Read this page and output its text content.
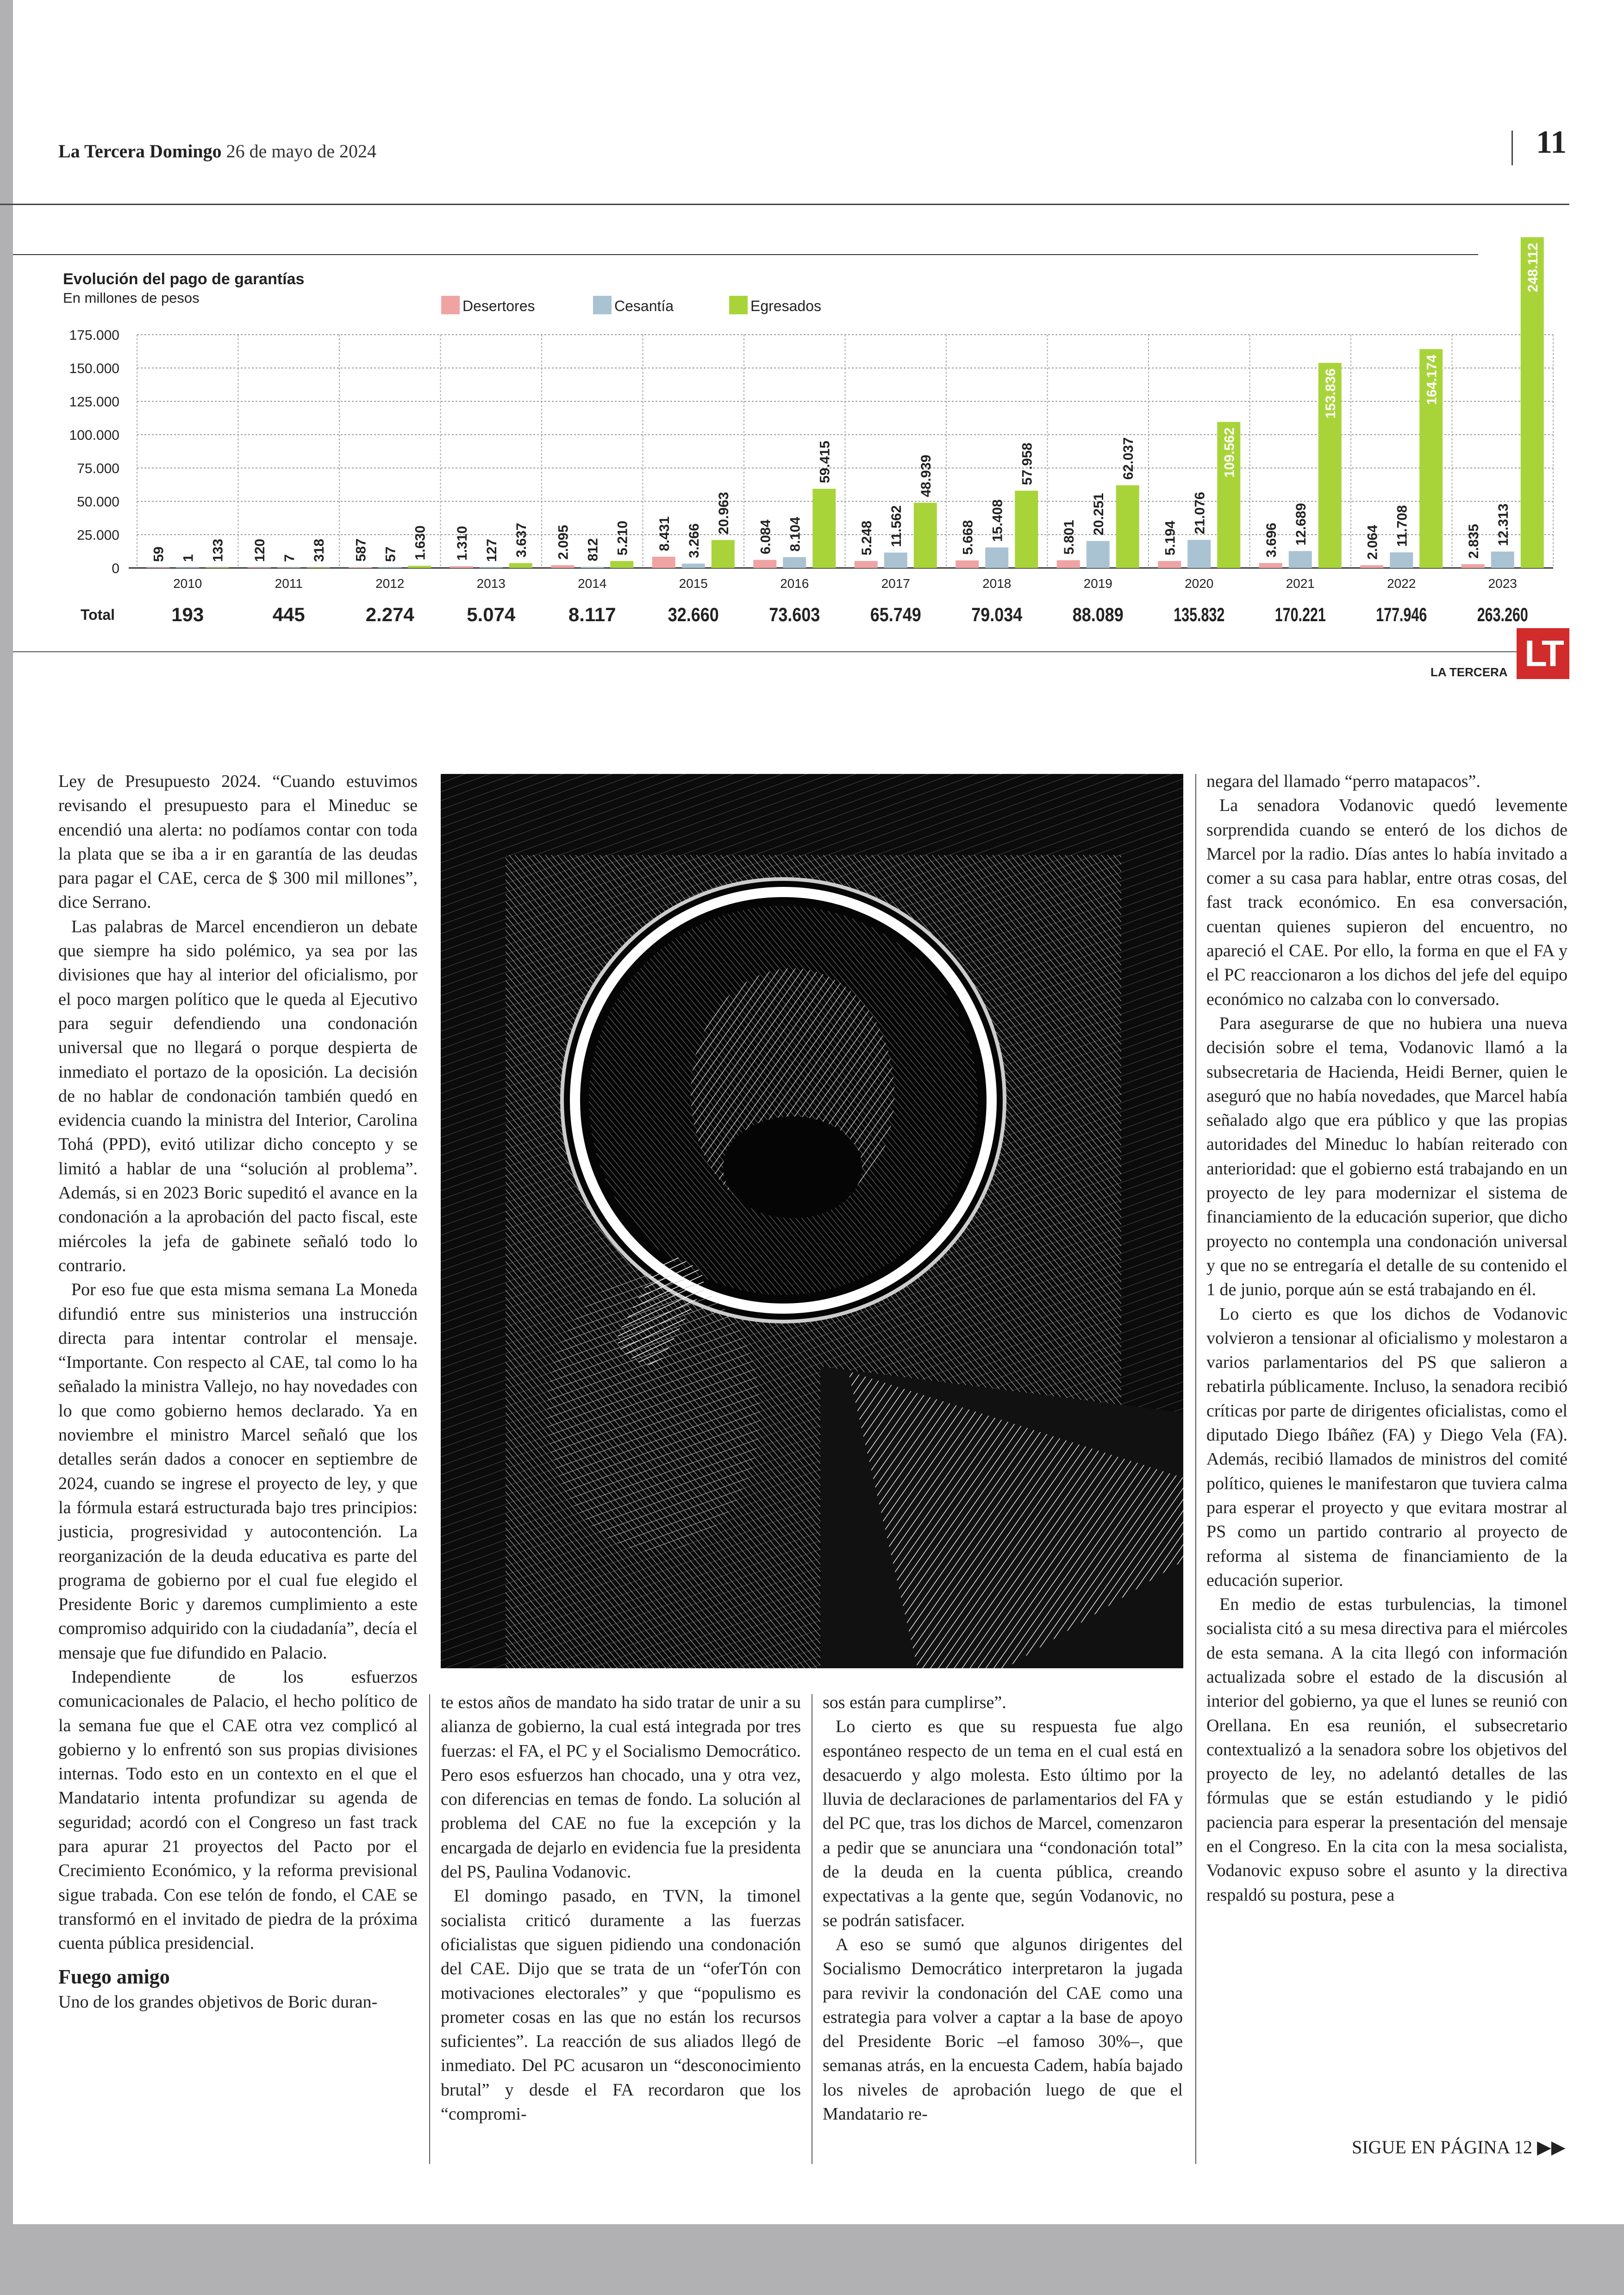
La Tercera Domingo 26 de mayo de 2024	11
Evolución del pago de garantías
En millones de pesos	Desertores	Cesantía	Egresados
0
25.000
50.000
75.000
100.000
125.000
150.000
175.000
59 1 133
2010
120 7 318
2011
587 57 1.630
2012
1.310 127 3.637
2013
2.095 812 5.210
2014
8.431 3.266
20.963
2015
6.084 8.104
59.415
2016
5.248 11.562
48.939
2017
5.668 15.408
57.958
2018
5.801
20.251
62.037
2019
5.194
21.076
109.562
2020
3.696 12.689
153.836
2021
2.064 11.708
164.174
2022
2.835 12.313
248.112
2023
Total	193	445	2.274	5.074	8.117	32.660	73.603	65.749	79.034	88.089	135.832	170.221	177.946	263.260
LT
LA TERCERA

Ley de Presupuesto 2024. “Cuando estuvimos revisando el presupuesto para el Mineduc se encendió una alerta: no podíamos contar con toda la plata que se iba a ir en garantía de las deudas para pagar el CAE, cerca de $ 300 mil millones”, dice Serrano.

Las palabras de Marcel encendieron un debate que siempre ha sido polémico, ya sea por las divisiones que hay al interior del oficialismo, por el poco margen político que le queda al Ejecutivo para seguir defendiendo una condonación universal que no llegará o porque despierta de inmediato el portazo de la oposición. La decisión de no hablar de condonación también quedó en evidencia cuando la ministra del Interior, Carolina Tohá (PPD), evitó utilizar dicho concepto y se limitó a hablar de una “solución al problema”. Además, si en 2023 Boric supeditó el avance en la condonación a la aprobación del pacto fiscal, este miércoles la jefa de gabinete señaló todo lo contrario.

Por eso fue que esta misma semana La Moneda difundió entre sus ministerios una instrucción directa para intentar controlar el mensaje. “Importante. Con respecto al CAE, tal como lo ha señalado la ministra Vallejo, no hay novedades con lo que como gobierno hemos declarado. Ya en noviembre el ministro Marcel señaló que los detalles serán dados a conocer en septiembre de 2024, cuando se ingrese el proyecto de ley, y que la fórmula estará estructurada bajo tres principios: justicia, progresividad y autocontención. La reorganización de la deuda educativa es parte del programa de gobierno por el cual fue elegido el Presidente Boric y daremos cumplimiento a este compromiso adquirido con la ciudadanía”, decía el mensaje que fue difundido en Palacio.

Independiente de los esfuerzos comunicacionales de Palacio, el hecho político de la semana fue que el CAE otra vez complicó al gobierno y lo enfrentó son sus propias divisiones internas. Todo esto en un contexto en el que el Mandatario intenta profundizar su agenda de seguridad; acordó con el Congreso un fast track para apurar 21 proyectos del Pacto por el Crecimiento Económico, y la reforma previsional sigue trabada. Con ese telón de fondo, el CAE se transformó en el invitado de piedra de la próxima cuenta pública presidencial.

Fuego amigo

Uno de los grandes objetivos de Boric duran-

te estos años de mandato ha sido tratar de unir a su alianza de gobierno, la cual está integrada por tres fuerzas: el FA, el PC y el Socialismo Democrático. Pero esos esfuerzos han chocado, una y otra vez, con diferencias en temas de fondo. La solución al problema del CAE no fue la excepción y la encargada de dejarlo en evidencia fue la presidenta del PS, Paulina Vodanovic.

El domingo pasado, en TVN, la timonel socialista criticó duramente a las fuerzas oficialistas que siguen pidiendo una condonación del CAE. Dijo que se trata de un “oferTón con motivaciones electorales” y que “populismo es prometer cosas en las que no están los recursos suficientes”. La reacción de sus aliados llegó de inmediato. Del PC acusaron un “desconocimiento brutal” y desde el FA recordaron que los “compromi-

sos están para cumplirse”.

Lo cierto es que su respuesta fue algo espontáneo respecto de un tema en el cual está en desacuerdo y algo molesta. Esto último por la lluvia de declaraciones de parlamentarios del FA y del PC que, tras los dichos de Marcel, comenzaron a pedir que se anunciara una “condonación total” de la deuda en la cuenta pública, creando expectativas a la gente que, según Vodanovic, no se podrán satisfacer.

A eso se sumó que algunos dirigentes del Socialismo Democrático interpretaron la jugada para revivir la condonación del CAE como una estrategia para volver a captar a la base de apoyo del Presidente Boric –el famoso 30%–, que semanas atrás, en la encuesta Cadem, había bajado los niveles de aprobación luego de que el Mandatario re-

negara del llamado “perro matapacos”.

La senadora Vodanovic quedó levemente sorprendida cuando se enteró de los dichos de Marcel por la radio. Días antes lo había invitado a comer a su casa para hablar, entre otras cosas, del fast track económico. En esa conversación, cuentan quienes supieron del encuentro, no apareció el CAE. Por ello, la forma en que el FA y el PC reaccionaron a los dichos del jefe del equipo económico no calzaba con lo conversado.

Para asegurarse de que no hubiera una nueva decisión sobre el tema, Vodanovic llamó a la subsecretaria de Hacienda, Heidi Berner, quien le aseguró que no había novedades, que Marcel había señalado algo que era público y que las propias autoridades del Mineduc lo habían reiterado con anterioridad: que el gobierno está trabajando en un proyecto de ley para modernizar el sistema de financiamiento de la educación superior, que dicho proyecto no contempla una condonación universal y que no se entregaría el detalle de su contenido el 1 de junio, porque aún se está trabajando en él.

Lo cierto es que los dichos de Vodanovic volvieron a tensionar al oficialismo y molestaron a varios parlamentarios del PS que salieron a rebatirla públicamente. Incluso, la senadora recibió críticas por parte de dirigentes oficialistas, como el diputado Diego Ibáñez (FA) y Diego Vela (FA). Además, recibió llamados de ministros del comité político, quienes le manifestaron que tuviera calma para esperar el proyecto y que evitara mostrar al PS como un partido contrario al proyecto de reforma al sistema de financiamiento de la educación superior.

En medio de estas turbulencias, la timonel socialista citó a su mesa directiva para el miércoles de esta semana. A la cita llegó con información actualizada sobre el estado de la discusión al interior del gobierno, ya que el lunes se reunió con Orellana. En esa reunión, el subsecretario contextualizó a la senadora sobre los objetivos del proyecto de ley, no adelantó detalles de las fórmulas que se están estudiando y le pidió paciencia para esperar la presentación del mensaje en el Congreso. En la cita con la mesa socialista, Vodanovic expuso sobre el asunto y la directiva respaldó su postura, pese a

SIGUE EN PÁGINA 12 ▶▶
